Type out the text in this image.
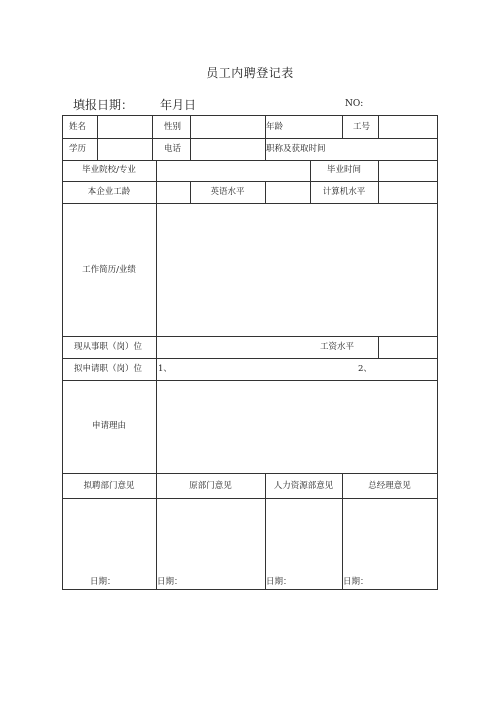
员工内聘登记表
填报日期： 年月日	NO:
姓名	性别	年龄	工号
学历	电话	职称及获取时间
毕业院校/专业	毕业时间
本企业工龄	英语水平	计算机水平
工作简历/业绩
现从事职（岗）位	工资水平
拟申请职（岗）位 1、	2、
申请理由
拟聘部门意见	原部门意见	人力资源部意见	总经理意见
日期：	日期：	日期：	日期：
